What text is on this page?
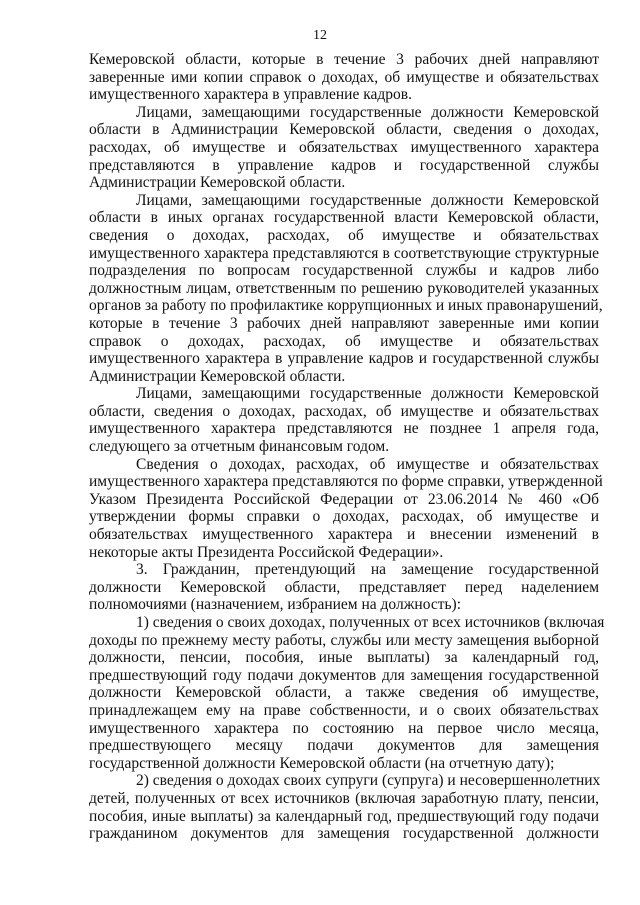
12
Кемеровской области, которые в течение 3 рабочих дней направляют
заверенные ими копии справок о доходах, об имуществе и обязательствах
имущественного характера в управление кадров.
Лицами, замещающими государственные должности Кемеровской
области в Администрации Кемеровской области, сведения о доходах,
расходах, об имуществе и обязательствах имущественного характера
представляются в управление кадров и государственной службы
Администрации Кемеровской области.
Лицами, замещающими государственные должности Кемеровской
области в иных органах государственной власти Кемеровской области,
сведения о доходах, расходах, об имуществе и обязательствах
имущественного характера представляются в соответствующие структурные
подразделения по вопросам государственной службы и кадров либо
должностным лицам, ответственным по решению руководителей указанных
органов за работу по профилактике коррупционных и иных правонарушений,
которые в течение 3 рабочих дней направляют заверенные ими копии
справок о доходах, расходах, об имуществе и обязательствах
имущественного характера в управление кадров и государственной службы
Администрации Кемеровской области.
Лицами, замещающими государственные должности Кемеровской
области, сведения о доходах, расходах, об имуществе и обязательствах
имущественного характера представляются не позднее 1 апреля года,
следующего за отчетным финансовым годом.
Сведения о доходах, расходах, об имуществе и обязательствах
имущественного характера представляются по форме справки, утвержденной
Указом Президента Российской Федерации от 23.06.2014 № 460 «Об
утверждении формы справки о доходах, расходах, об имуществе и
обязательствах имущественного характера и внесении изменений в
некоторые акты Президента Российской Федерации».
3. Гражданин, претендующий на замещение государственной
должности Кемеровской области, представляет перед наделением
полномочиями (назначением, избранием на должность):
1) сведения о своих доходах, полученных от всех источников (включая
доходы по прежнему месту работы, службы или месту замещения выборной
должности, пенсии, пособия, иные выплаты) за календарный год,
предшествующий году подачи документов для замещения государственной
должности Кемеровской области, а также сведения об имуществе,
принадлежащем ему на праве собственности, и о своих обязательствах
имущественного характера по состоянию на первое число месяца,
предшествующего месяцу подачи документов для замещения
государственной должности Кемеровской области (на отчетную дату);
2) сведения о доходах своих супруги (супруга) и несовершеннолетних
детей, полученных от всех источников (включая заработную плату, пенсии,
пособия, иные выплаты) за календарный год, предшествующий году подачи
гражданином документов для замещения государственной должности
